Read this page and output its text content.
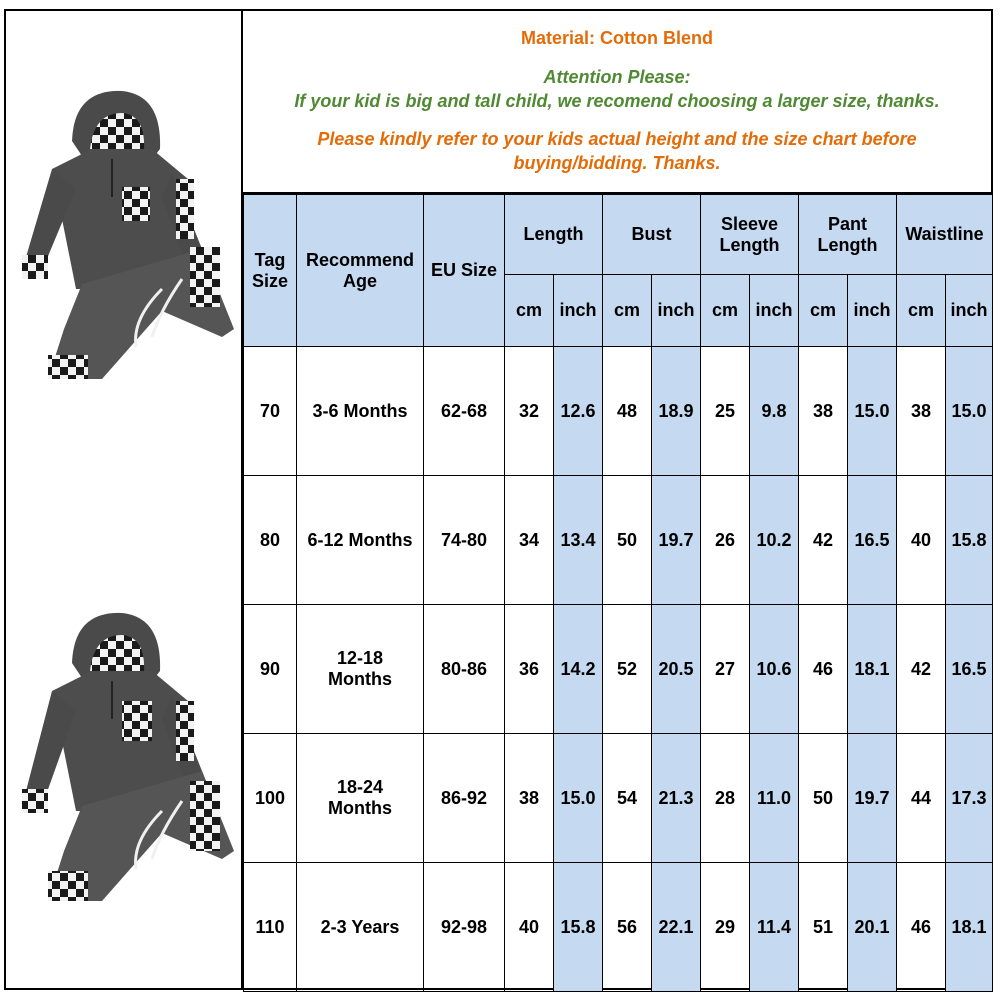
Material: Cotton Blend
Attention Please:
If your kid is big and tall child, we recomend choosing a larger size, thanks.
Please kindly refer to your kids actual height and the size chart before
buying/bidding. Thanks.
Tag Size	Recommend Age	EU Size	Length		Bust		Sleeve Length		Pant Length		Waistline	
			cm	inch	cm	inch	cm	inch	cm	inch	cm	inch
70	3-6 Months	62-68	32	12.6	48	18.9	25	9.8	38	15.0	38	15.0
80	6-12 Months	74-80	34	13.4	50	19.7	26	10.2	42	16.5	40	15.8
90	12-18 Months	80-86	36	14.2	52	20.5	27	10.6	46	18.1	42	16.5
100	18-24 Months	86-92	38	15.0	54	21.3	28	11.0	50	19.7	44	17.3
110	2-3 Years	92-98	40	15.8	56	22.1	29	11.4	51	20.1	46	18.1
